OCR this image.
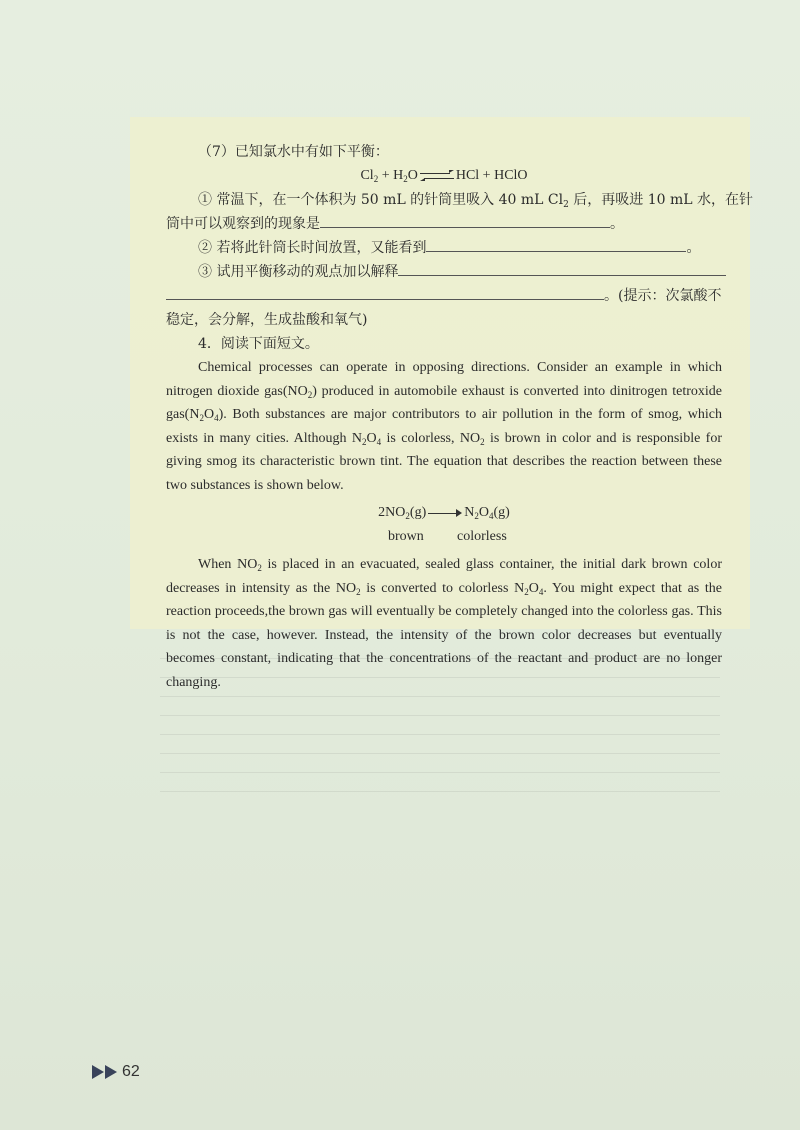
（7）已知氯水中有如下平衡：
$Cl_2 + H_2O$	HCl + HClO
① 常温下，在一个体积为 50 mL 的针筒里吸入 40 mL $Cl_2$ 后，再吸进 10 mL 水，在针
筒中可以观察到的现象是	。
② 若将此针筒长时间放置，又能看到	。
③ 试用平衡移动的观点加以解释
。(提示：次氯酸不
稳定，会分解，生成盐酸和氧气)
4．阅读下面短文。

Chemical processes can operate in opposing directions. Consider an example in which nitrogen dioxide $gas(NO_2)$ produced in automobile exhaust is converted into dinitrogen tetroxide $gas(N_2O_4)$. Both substances are major contributors to air pollution in the form of smog, which exists in many cities. Although $N_2O_4$ is colorless, $NO_2$ is brown in color and is responsible for giving smog its characteristic brown tint. The equation that describes the reaction between these two substances is shown below.

$2NO_2(g)$	$N_2O_4(g)$
brown colorless

When $NO_2$ is placed in an evacuated, sealed glass container, the initial dark brown color decreases in intensity as the $NO_2$ is converted to colorless $N_2O_4$. You might expect that as the reaction proceeds,the brown gas will eventually be completely changed into the colorless gas. This is not the case, however. Instead, the intensity of the brown color decreases but eventually becomes constant, indicating that the concentrations of the reactant and product are no longer changing.

62
